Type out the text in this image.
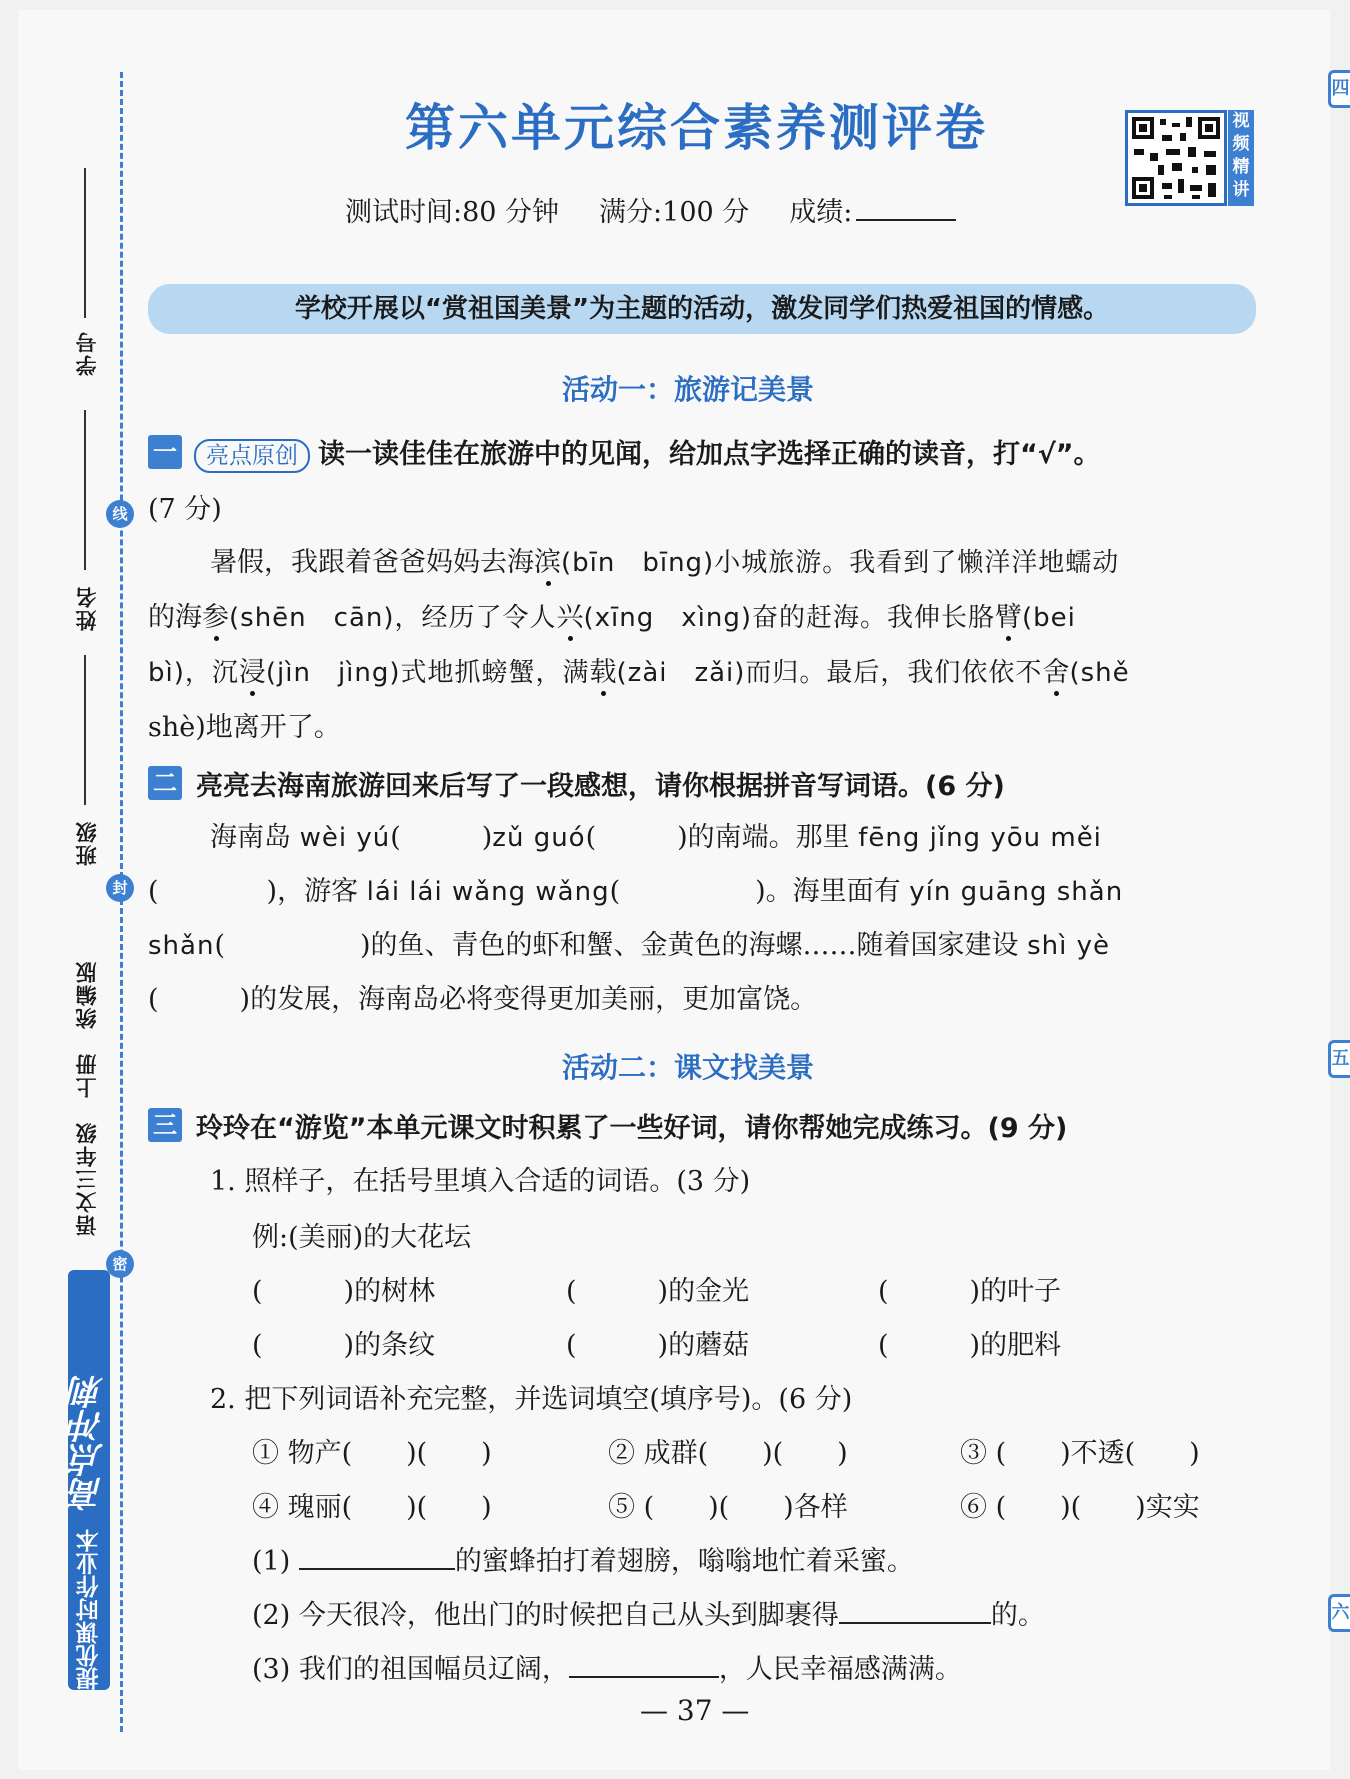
线
封
密
学号
姓名
班级
语文三年级　上册　统编版
提优课时作业本
高点冲刺
四
五
六
第六单元综合素养测评卷	视频精讲
测试时间:80 分钟 满分:100 分 成绩:
学校开展以“赏祖国美景”为主题的活动，激发同学们热爱祖国的情感。
活动一：旅游记美景
一	亮点原创 读一读佳佳在旅游中的见闻，给加点字选择正确的读音，打“√”。
(7 分)
暑假，我跟着爸爸妈妈去海滨(bīn　bīng)小城旅游。我看到了懒洋洋地蠕动
的海参(shēn　cān)，经历了令人兴(xīng　xìng)奋的赶海。我伸长胳臂(bei
bì)，沉浸(jìn　jìng)式地抓螃蟹，满载(zài　zǎi)而归。最后，我们依依不舍(shě
shè)地离开了。
二 亮亮去海南旅游回来后写了一段感想，请你根据拼音写词语。(6 分)
海南岛 wèi yú(　　　)zǔ guó(　　　)的南端。那里 fēng jǐng yōu měi
(　　　　)，游客 lái lái wǎng wǎng(　　　　　)。海里面有 yín guāng shǎn
shǎn(　　　　　)的鱼、青色的虾和蟹、金黄色的海螺……随着国家建设 shì yè
(　　　)的发展，海南岛必将变得更加美丽，更加富饶。
活动二：课文找美景
三 玲玲在“游览”本单元课文时积累了一些好词，请你帮她完成练习。(9 分)
1. 照样子，在括号里填入合适的词语。(3 分)
例:(美丽)的大花坛
(　　　)的树林	(　　　)的金光	(　　　)的叶子
(　　　)的条纹	(　　　)的蘑菇	(　　　)的肥料
2. 把下列词语补充完整，并选词填空(填序号)。(6 分)
① 物产(　　)(　　)	② 成群(　　)(　　)	③ (　　)不透(　　)
④ 瑰丽(　　)(　　)	⑤ (　　)(　　)各样	⑥ (　　)(　　)实实
(1)	的蜜蜂拍打着翅膀，嗡嗡地忙着采蜜。
(2) 今天很冷，他出门的时候把自己从头到脚裹得	的。
(3) 我们的祖国幅员辽阔，	，人民幸福感满满。
— 37 —
